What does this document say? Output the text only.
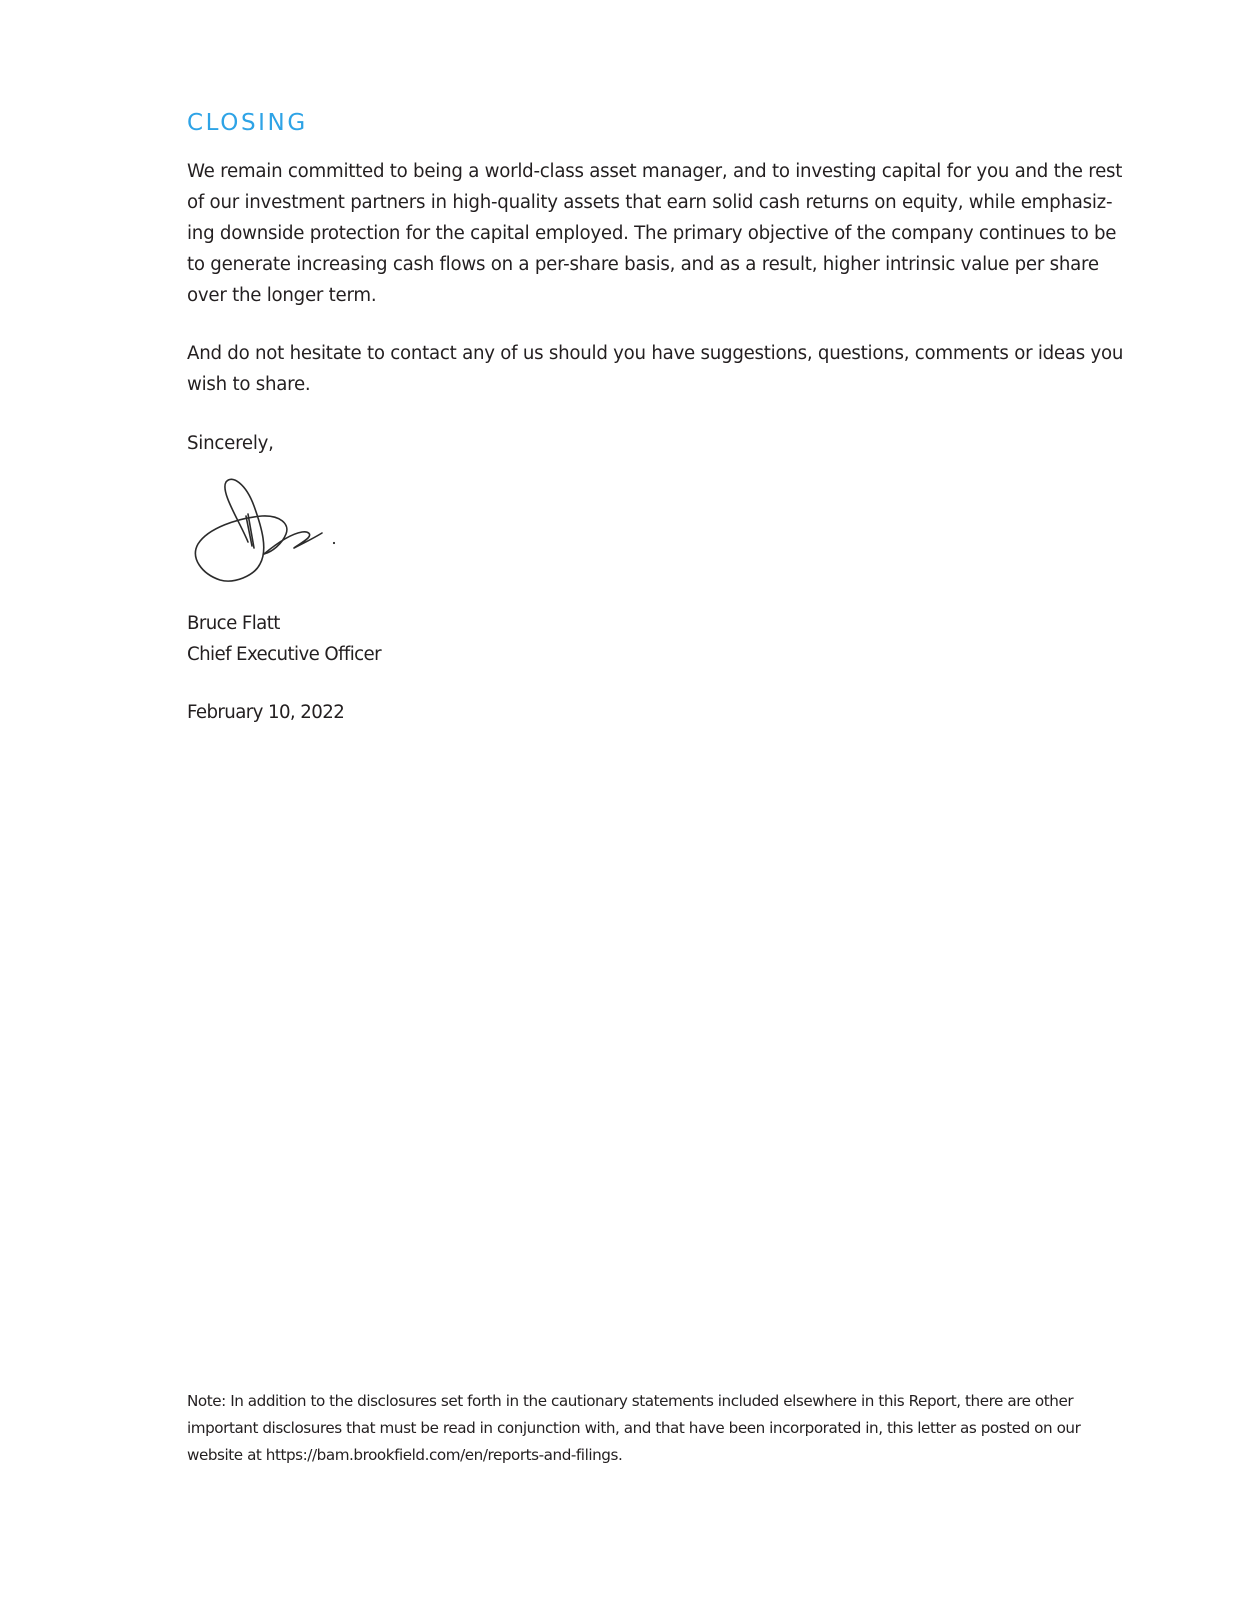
CLOSING

We remain committed to being a world-class asset manager, and to investing capital for you and the rest
of our investment partners in high-quality assets that earn solid cash returns on equity, while emphasiz-
ing downside protection for the capital employed. The primary objective of the company continues to be
to generate increasing cash flows on a per-share basis, and as a result, higher intrinsic value per share
over the longer term.

And do not hesitate to contact any of us should you have suggestions, questions, comments or ideas you
wish to share.

Sincerely,

Bruce Flatt

Chief Executive Officer

February 10, 2022

Note: In addition to the disclosures set forth in the cautionary statements included elsewhere in this Report, there are other
important disclosures that must be read in conjunction with, and that have been incorporated in, this letter as posted on our
website at https://bam.brookfield.com/en/reports-and-filings.
